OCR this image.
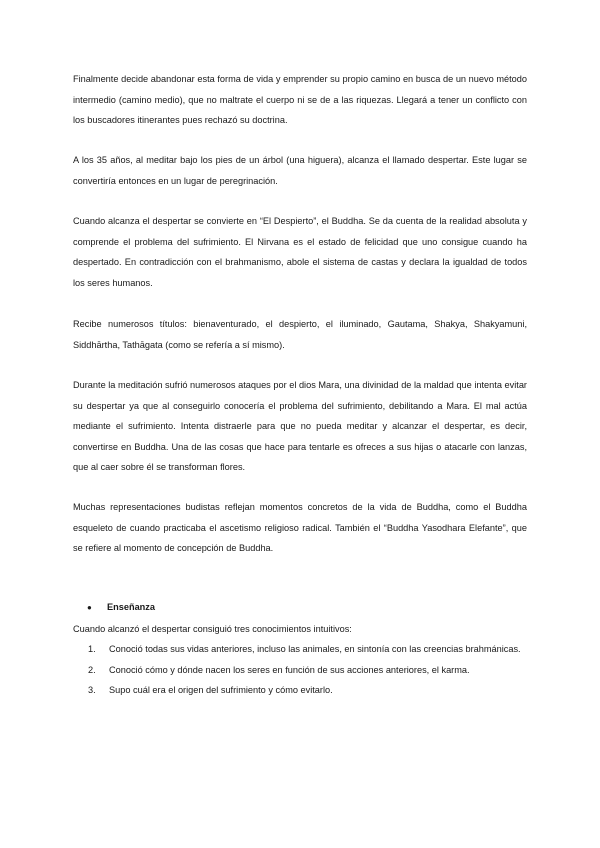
Finalmente decide abandonar esta forma de vida y emprender su propio camino en busca de un nuevo método intermedio (camino medio), que no maltrate el cuerpo ni se de a las riquezas. Llegará a tener un conflicto con los buscadores itinerantes pues rechazó su doctrina.

A los 35 años, al meditar bajo los pies de un árbol (una higuera), alcanza el llamado despertar. Este lugar se convertiría entonces en un lugar de peregrinación.

Cuando alcanza el despertar se convierte en “El Despierto”, el Buddha. Se da cuenta de la realidad absoluta y comprende el problema del sufrimiento. El Nirvana es el estado de felicidad que uno consigue cuando ha despertado. En contradicción con el brahmanismo, abole el sistema de castas y declara la igualdad de todos los seres humanos.

Recibe numerosos títulos: bienaventurado, el despierto, el iluminado, Gautama, Shakya, Shakyamuni, Siddhārtha, Tathāgata (como se refería a sí mismo).

Durante la meditación sufrió numerosos ataques por el dios Mara, una divinidad de la maldad que intenta evitar su despertar ya que al conseguirlo conocería el problema del sufrimiento, debilitando a Mara. El mal actúa mediante el sufrimiento. Intenta distraerle para que no pueda meditar y alcanzar el despertar, es decir, convertirse en Buddha. Una de las cosas que hace para tentarle es ofreces a sus hijas o atacarle con lanzas, que al caer sobre él se transforman flores.

Muchas representaciones budistas reflejan momentos concretos de la vida de Buddha, como el Buddha esqueleto de cuando practicaba el ascetismo religioso radical. También el “Buddha Yasodhara Elefante”, que se refiere al momento de concepción de Buddha.

● Enseñanza
Cuando alcanzó el despertar consiguió tres conocimientos intuitivos:
1. Conoció todas sus vidas anteriores, incluso las animales, en sintonía con las creencias brahmánicas.
2. Conoció cómo y dónde nacen los seres en función de sus acciones anteriores, el karma.
3. Supo cuál era el origen del sufrimiento y cómo evitarlo.
